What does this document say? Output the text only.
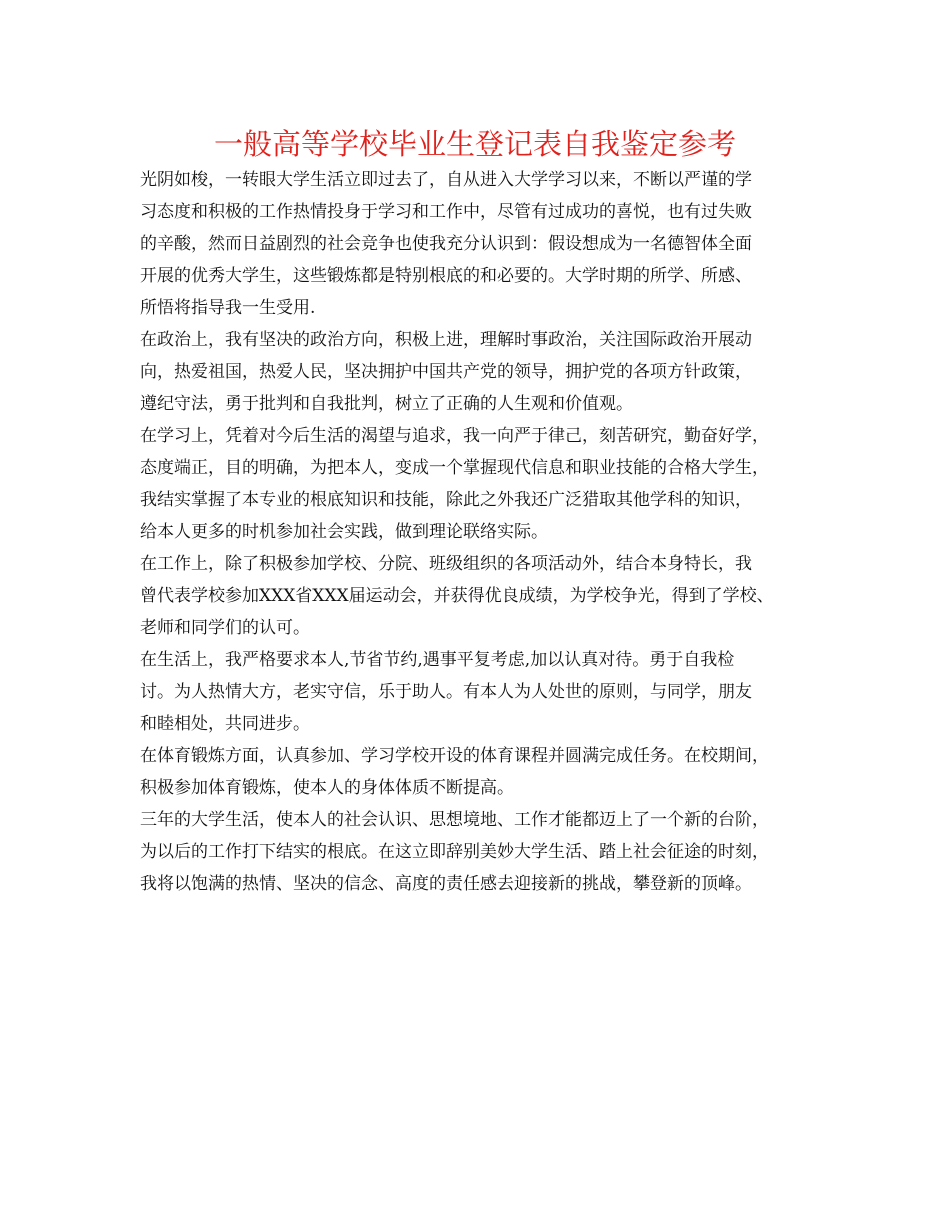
一般高等学校毕业生登记表自我鉴定参考
光阴如梭，一转眼大学生活立即过去了，自从进入大学学习以来，不断以严谨的学
习态度和积极的工作热情投身于学习和工作中，尽管有过成功的喜悦，也有过失败
的辛酸，然而日益剧烈的社会竞争也使我充分认识到：假设想成为一名德智体全面
开展的优秀大学生，这些锻炼都是特别根底的和必要的。大学时期的所学、所感、
所悟将指导我一生受用.
在政治上，我有坚决的政治方向，积极上进，理解时事政治，关注国际政治开展动
向，热爱祖国，热爱人民，坚决拥护中国共产党的领导，拥护党的各项方针政策，
遵纪守法，勇于批判和自我批判，树立了正确的人生观和价值观。
在学习上，凭着对今后生活的渴望与追求，我一向严于律己，刻苦研究，勤奋好学，
态度端正，目的明确，为把本人，变成一个掌握现代信息和职业技能的合格大学生，
我结实掌握了本专业的根底知识和技能，除此之外我还广泛猎取其他学科的知识，
给本人更多的时机参加社会实践，做到理论联络实际。
在工作上，除了积极参加学校、分院、班级组织的各项活动外，结合本身特长，我
曾代表学校参加XXX省XXX届运动会，并获得优良成绩，为学校争光，得到了学校、
老师和同学们的认可。
在生活上，我严格要求本人,节省节约,遇事平复考虑,加以认真对待。勇于自我检
讨。为人热情大方，老实守信，乐于助人。有本人为人处世的原则，与同学，朋友
和睦相处，共同进步。
在体育锻炼方面，认真参加、学习学校开设的体育课程并圆满完成任务。在校期间，
积极参加体育锻炼，使本人的身体体质不断提高。
三年的大学生活，使本人的社会认识、思想境地、工作才能都迈上了一个新的台阶，
为以后的工作打下结实的根底。在这立即辞别美妙大学生活、踏上社会征途的时刻，
我将以饱满的热情、坚决的信念、高度的责任感去迎接新的挑战，攀登新的顶峰。
